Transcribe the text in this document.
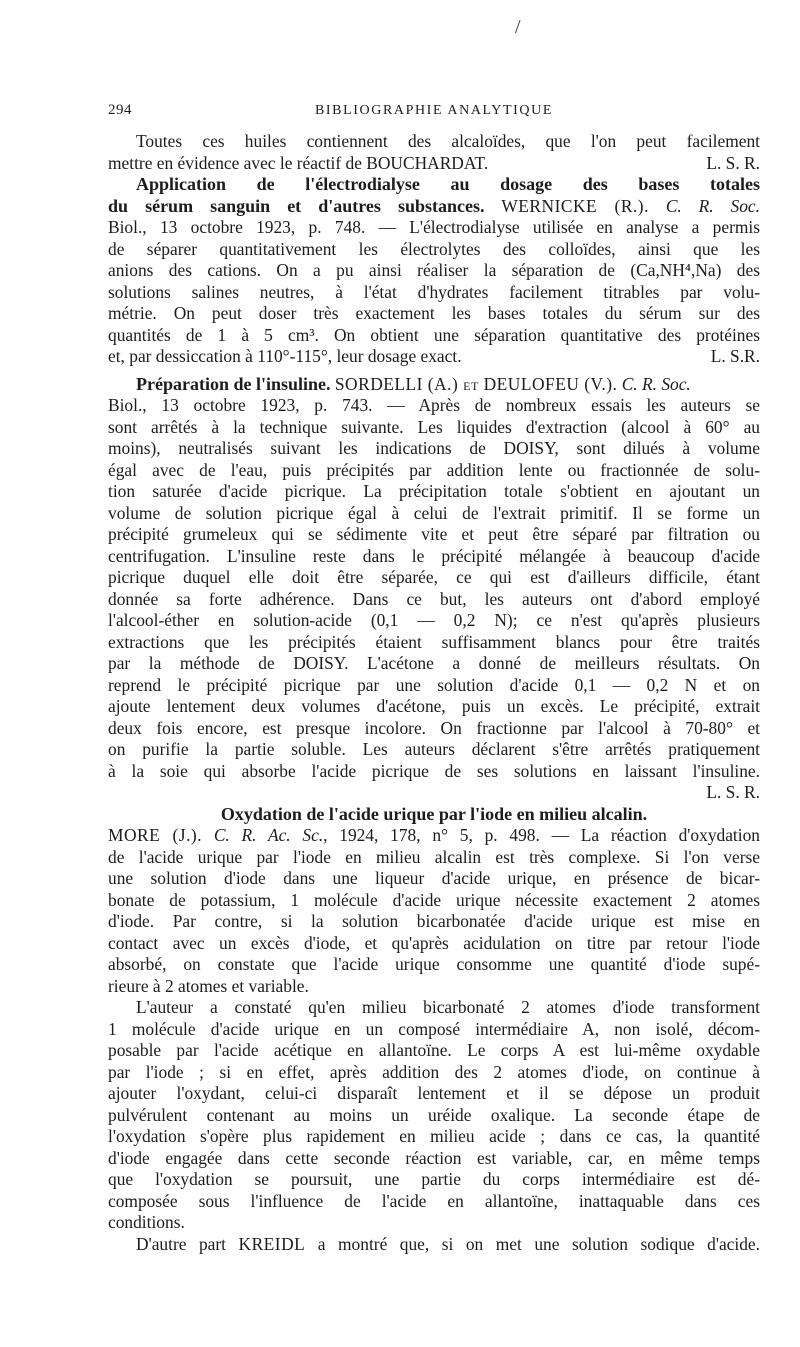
/
294	BIBLIOGRAPHIE ANALYTIQUE
Toutes ces huiles contiennent des alcaloïdes, que l'on peut facilement
mettre en évidence avec le réactif de BOUCHARDAT.	L. S. R.
Application de l'électrodialyse au dosage des bases totales
du sérum sanguin et d'autres substances. WERNICKE (R.). C. R. Soc.
Biol., 13 octobre 1923, p. 748. — L'électrodialyse utilisée en analyse a permis
de séparer quantitativement les électrolytes des colloïdes, ainsi que les
anions des cations. On a pu ainsi réaliser la séparation de (Ca,NH⁴,Na) des
solutions salines neutres, à l'état d'hydrates facilement titrables par volu-
métrie. On peut doser très exactement les bases totales du sérum sur des
quantités de 1 à 5 cm³. On obtient une séparation quantitative des protéines
et, par dessiccation à 110°-115°, leur dosage exact.	L. S.R.
Préparation de l'insuline. SORDELLI (A.) et DEULOFEU (V.). C. R. Soc.
Biol., 13 octobre 1923, p. 743. — Après de nombreux essais les auteurs se
sont arrêtés à la technique suivante. Les liquides d'extraction (alcool à 60° au
moins), neutralisés suivant les indications de DOISY, sont dilués à volume
égal avec de l'eau, puis précipités par addition lente ou fractionnée de solu-
tion saturée d'acide picrique. La précipitation totale s'obtient en ajoutant un
volume de solution picrique égal à celui de l'extrait primitif. Il se forme un
précipité grumeleux qui se sédimente vite et peut être séparé par filtration ou
centrifugation. L'insuline reste dans le précipité mélangée à beaucoup d'acide
picrique duquel elle doit être séparée, ce qui est d'ailleurs difficile, étant
donnée sa forte adhérence. Dans ce but, les auteurs ont d'abord employé
l'alcool-éther en solution-acide (0,1 — 0,2 N); ce n'est qu'après plusieurs
extractions que les précipités étaient suffisamment blancs pour être traités
par la méthode de DOISY. L'acétone a donné de meilleurs résultats. On
reprend le précipité picrique par une solution d'acide 0,1 — 0,2 N et on
ajoute lentement deux volumes d'acétone, puis un excès. Le précipité, extrait
deux fois encore, est presque incolore. On fractionne par l'alcool à 70-80° et
on purifie la partie soluble. Les auteurs déclarent s'être arrêtés pratiquement
à la soie qui absorbe l'acide picrique de ses solutions en laissant l'insuline.
L. S. R.
Oxydation de l'acide urique par l'iode en milieu alcalin.
MORE (J.). C. R. Ac. Sc., 1924, 178, n° 5, p. 498. — La réaction d'oxydation
de l'acide urique par l'iode en milieu alcalin est très complexe. Si l'on verse
une solution d'iode dans une liqueur d'acide urique, en présence de bicar-
bonate de potassium, 1 molécule d'acide urique nécessite exactement 2 atomes
d'iode. Par contre, si la solution bicarbonatée d'acide urique est mise en
contact avec un excès d'iode, et qu'après acidulation on titre par retour l'iode
absorbé, on constate que l'acide urique consomme une quantité d'iode supé-
rieure à 2 atomes et variable.
L'auteur a constaté qu'en milieu bicarbonaté 2 atomes d'iode transforment
1 molécule d'acide urique en un composé intermédiaire A, non isolé, décom-
posable par l'acide acétique en allantoïne. Le corps A est lui-même oxydable
par l'iode ; si en effet, après addition des 2 atomes d'iode, on continue à
ajouter l'oxydant, celui-ci disparaît lentement et il se dépose un produit
pulvérulent contenant au moins un uréide oxalique. La seconde étape de
l'oxydation s'opère plus rapidement en milieu acide ; dans ce cas, la quantité
d'iode engagée dans cette seconde réaction est variable, car, en même temps
que l'oxydation se poursuit, une partie du corps intermédiaire est dé-
composée sous l'influence de l'acide en allantoïne, inattaquable dans ces
conditions.
D'autre part KREIDL a montré que, si on met une solution sodique d'acide.
